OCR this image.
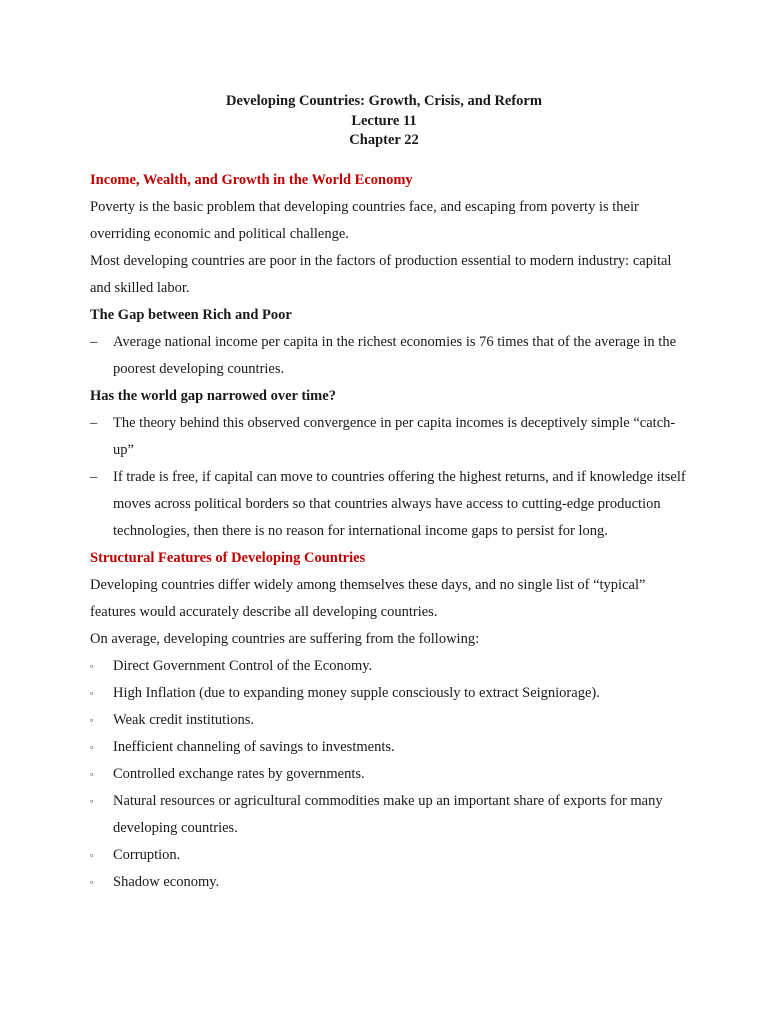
Developing Countries: Growth, Crisis, and Reform
Lecture 11
Chapter 22
Income, Wealth, and Growth in the World Economy

Poverty is the basic problem that developing countries face, and escaping from poverty is their overriding economic and political challenge.

Most developing countries are poor in the factors of production essential to modern industry: capital and skilled labor.

The Gap between Rich and Poor
– Average national income per capita in the richest economies is 76 times that of the average in the poorest developing countries.
Has the world gap narrowed over time?
– The theory behind this observed convergence in per capita incomes is deceptively simple “catch-up”
– If trade is free, if capital can move to countries offering the highest returns, and if knowledge itself moves across political borders so that countries always have access to cutting-edge production technologies, then there is no reason for international income gaps to persist for long.
Structural Features of Developing Countries

Developing countries differ widely among themselves these days, and no single list of “typical” features would accurately describe all developing countries.

On average, developing countries are suffering from the following:

▫ Direct Government Control of the Economy.
▫ High Inflation (due to expanding money supple consciously to extract Seigniorage).
▫ Weak credit institutions.
▫ Inefficient channeling of savings to investments.
▫ Controlled exchange rates by governments.
▫ Natural resources or agricultural commodities make up an important share of exports for many developing countries.
▫ Corruption.
▫ Shadow economy.
